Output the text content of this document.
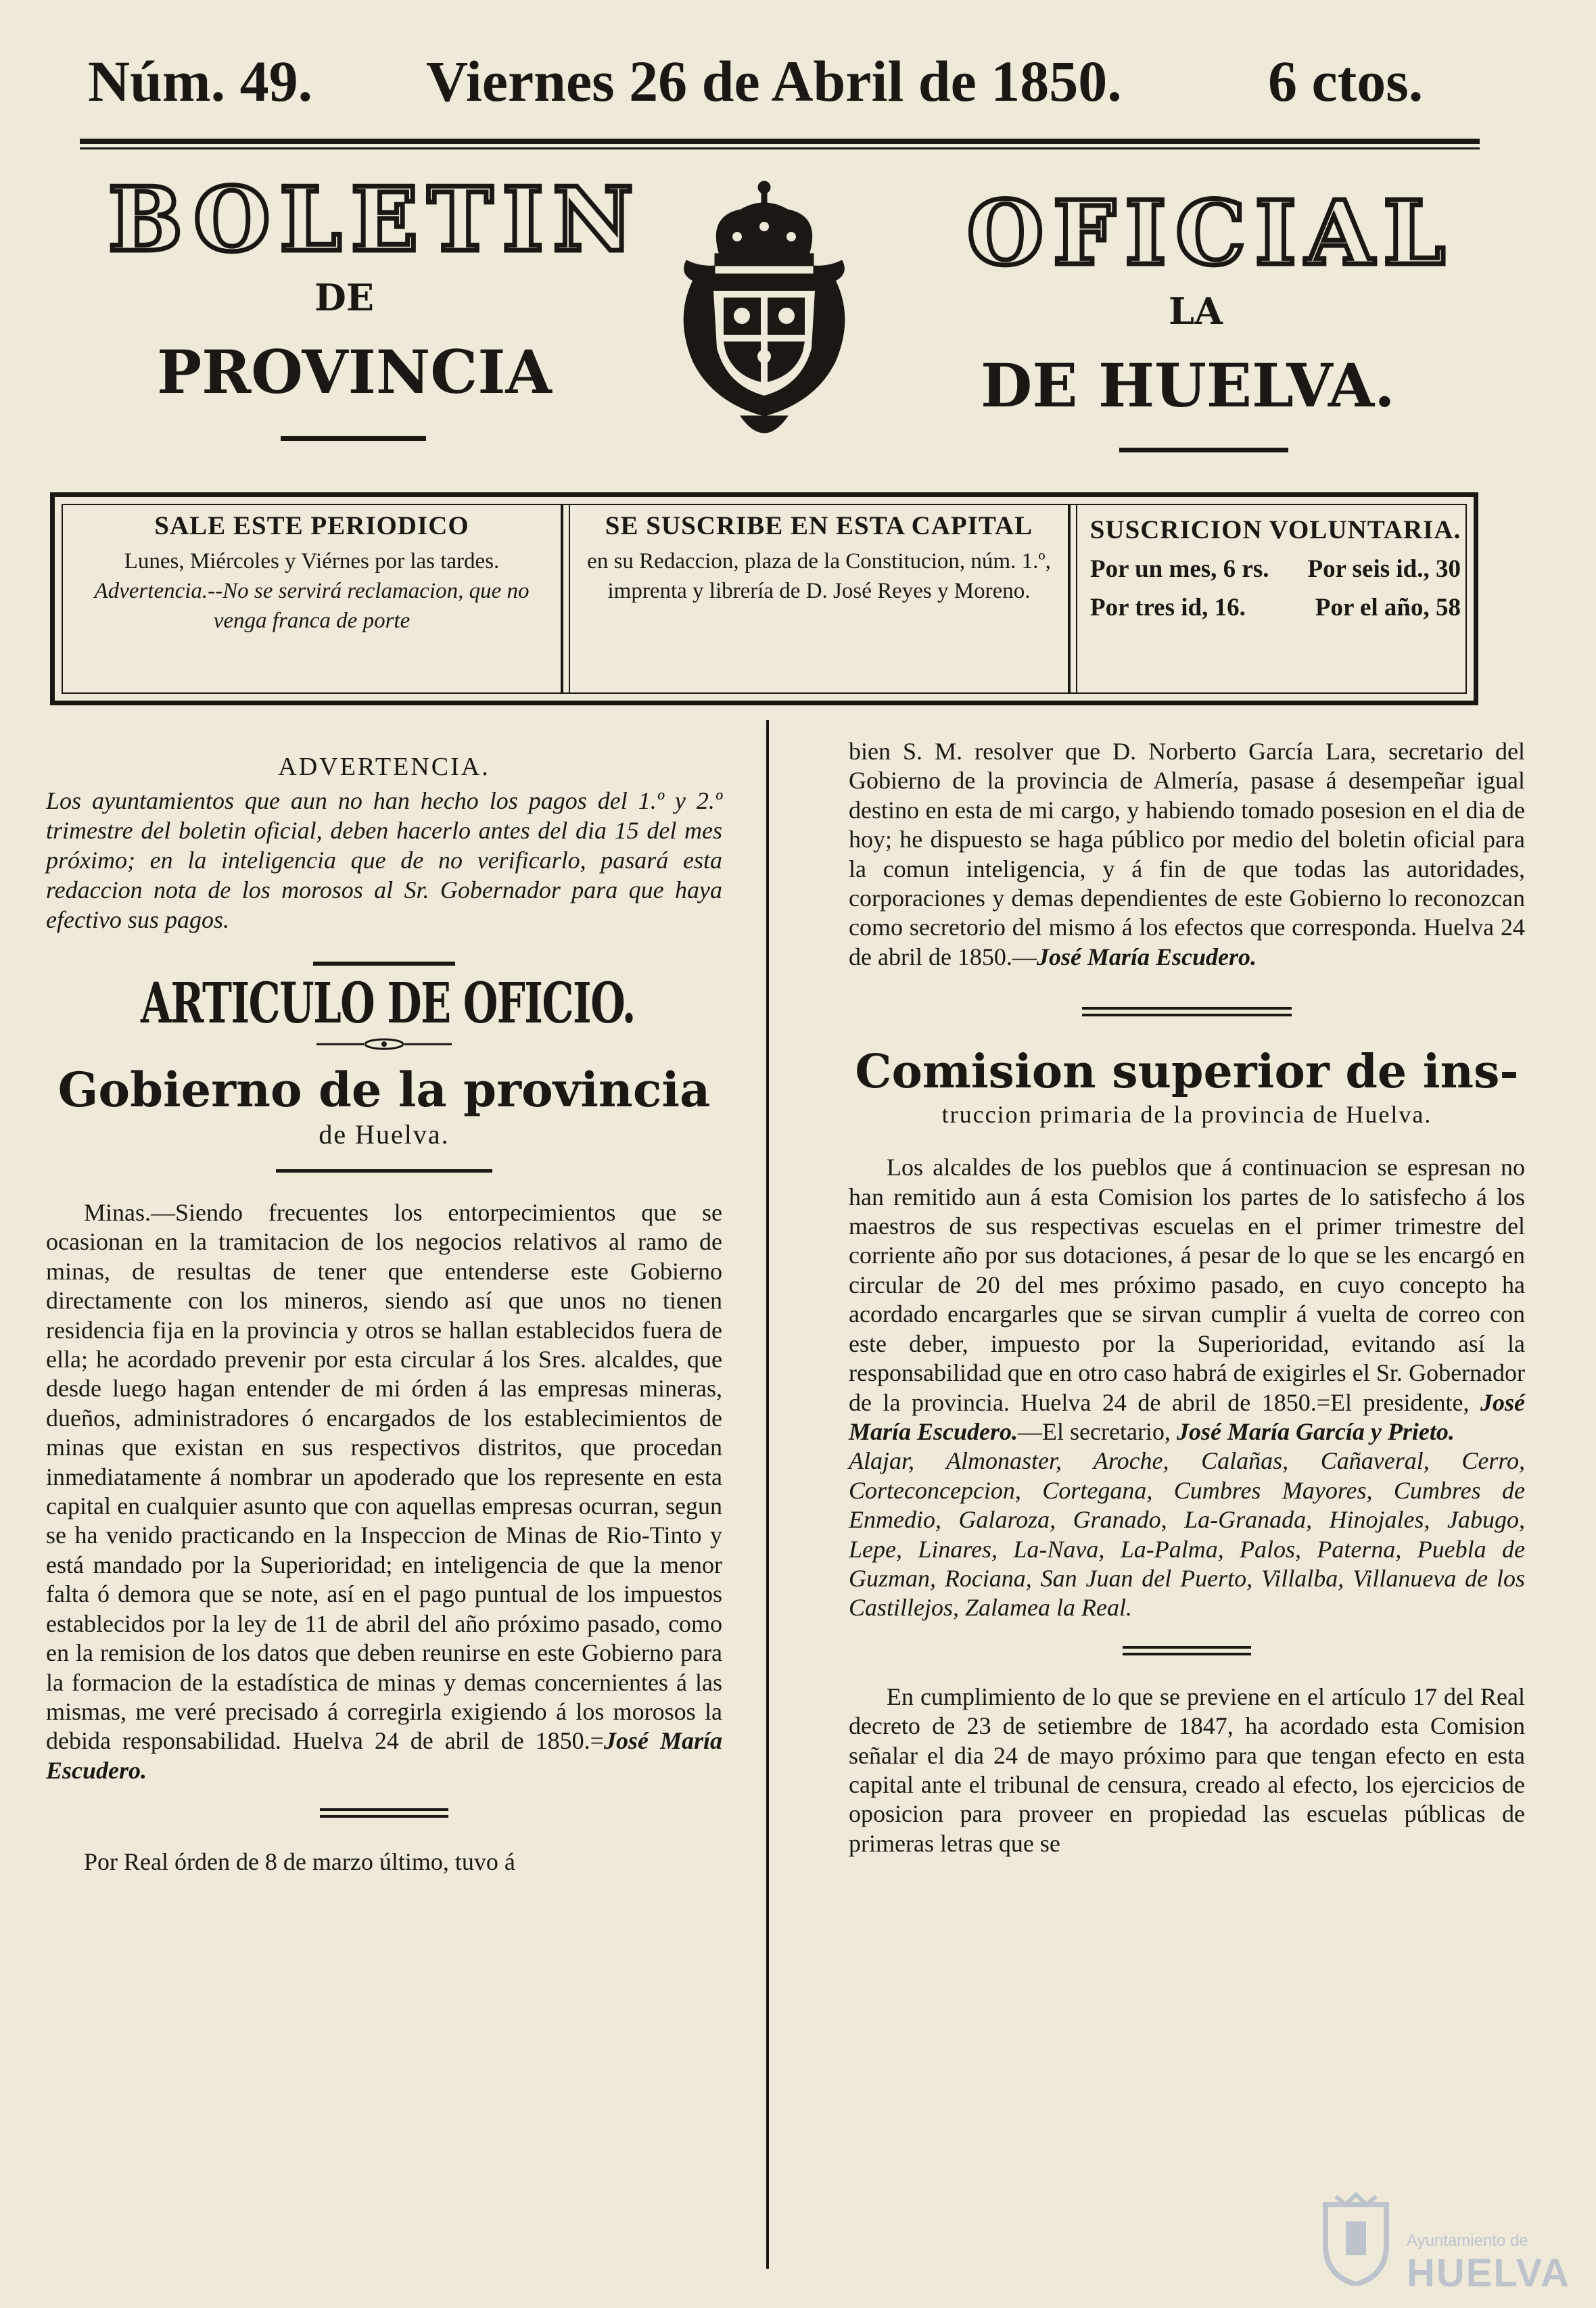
Núm. 49. Viernes 26 de Abril de 1850.	6 ctos.
BOLETIN	OFICIAL
DE	LA
PROVINCIA	DE HUELVA.
SALE ESTE PERIODICO

Lunes, Miércoles y Viérnes por las tardes.

Advertencia.--No se servirá reclamacion, que no venga franca de porte

SE SUSCRIBE EN ESTA CAPITAL

en su Redaccion, plaza de la Constitucion, núm. 1.º, imprenta y librería de D. José Reyes y Moreno.

SUSCRICION VOLUNTARIA.
Por un mes, 6 rs. Por seis id., 30
Por tres id, 16.	Por el año, 58

ADVERTENCIA.

Los ayuntamientos que aun no han hecho los pagos del 1.º y 2.º trimestre del boletin oficial, deben hacerlo antes del dia 15 del mes próximo; en la inteligencia que de no verificarlo, pasará esta redaccion nota de los morosos al Sr. Gobernador para que haya efectivo sus pagos.

ARTICULO DE OFICIO.

Gobierno de la provincia

de Huelva.

Minas.—Siendo frecuentes los entorpecimientos que se ocasionan en la tramitacion de los negocios relativos al ramo de minas, de resultas de tener que entenderse este Gobierno directamente con los mineros, siendo así que unos no tienen residencia fija en la provincia y otros se hallan establecidos fuera de ella; he acordado prevenir por esta circular á los Sres. alcaldes, que desde luego hagan entender de mi órden á las empresas mineras, dueños, administradores ó encargados de los establecimientos de minas que existan en sus respectivos distritos, que procedan inmediatamente á nombrar un apoderado que los represente en esta capital en cualquier asunto que con aquellas empresas ocurran, segun se ha venido practicando en la Inspeccion de Minas de Rio-Tinto y está mandado por la Superioridad; en inteligencia de que la menor falta ó demora que se note, así en el pago puntual de los impuestos establecidos por la ley de 11 de abril del año próximo pasado, como en la remision de los datos que deben reunirse en este Gobierno para la formacion de la estadística de minas y demas concernientes á las mismas, me veré precisado á corregirla exigiendo á los morosos la debida responsabilidad. Huelva 24 de abril de 1850.=José María Escudero.

Por Real órden de 8 de marzo último, tuvo á

bien S. M. resolver que D. Norberto García Lara, secretario del Gobierno de la provincia de Almería, pasase á desempeñar igual destino en esta de mi cargo, y habiendo tomado posesion en el dia de hoy; he dispuesto se haga público por medio del boletin oficial para la comun inteligencia, y á fin de que todas las autoridades, corporaciones y demas dependientes de este Gobierno lo reconozcan como secretorio del mismo á los efectos que corresponda. Huelva 24 de abril de 1850.—José María Escudero.

Comision superior de ins-

truccion primaria de la provincia de Huelva.

Los alcaldes de los pueblos que á continuacion se espresan no han remitido aun á esta Comision los partes de lo satisfecho á los maestros de sus respectivas escuelas en el primer trimestre del corriente año por sus dotaciones, á pesar de lo que se les encargó en circular de 20 del mes próximo pasado, en cuyo concepto ha acordado encargarles que se sirvan cumplir á vuelta de correo con este deber, impuesto por la Superioridad, evitando así la responsabilidad que en otro caso habrá de exigirles el Sr. Gobernador de la provincia. Huelva 24 de abril de 1850.=El presidente, José María Escudero.—El secretario, José María García y Prieto.

Alajar, Almonaster, Aroche, Calañas, Cañaveral, Cerro, Corteconcepcion, Cortegana, Cumbres Mayores, Cumbres de Enmedio, Galaroza, Granado, La-Granada, Hinojales, Jabugo, Lepe, Linares, La-Nava, La-Palma, Palos, Paterna, Puebla de Guzman, Rociana, San Juan del Puerto, Villalba, Villanueva de los Castillejos, Zalamea la Real.

En cumplimiento de lo que se previene en el artículo 17 del Real decreto de 23 de setiembre de 1847, ha acordado esta Comision señalar el dia 24 de mayo próximo para que tengan efecto en esta capital ante el tribunal de censura, creado al efecto, los ejercicios de oposicion para proveer en propiedad las escuelas públicas de primeras letras que se

Ayuntamiento de
HUELVA
